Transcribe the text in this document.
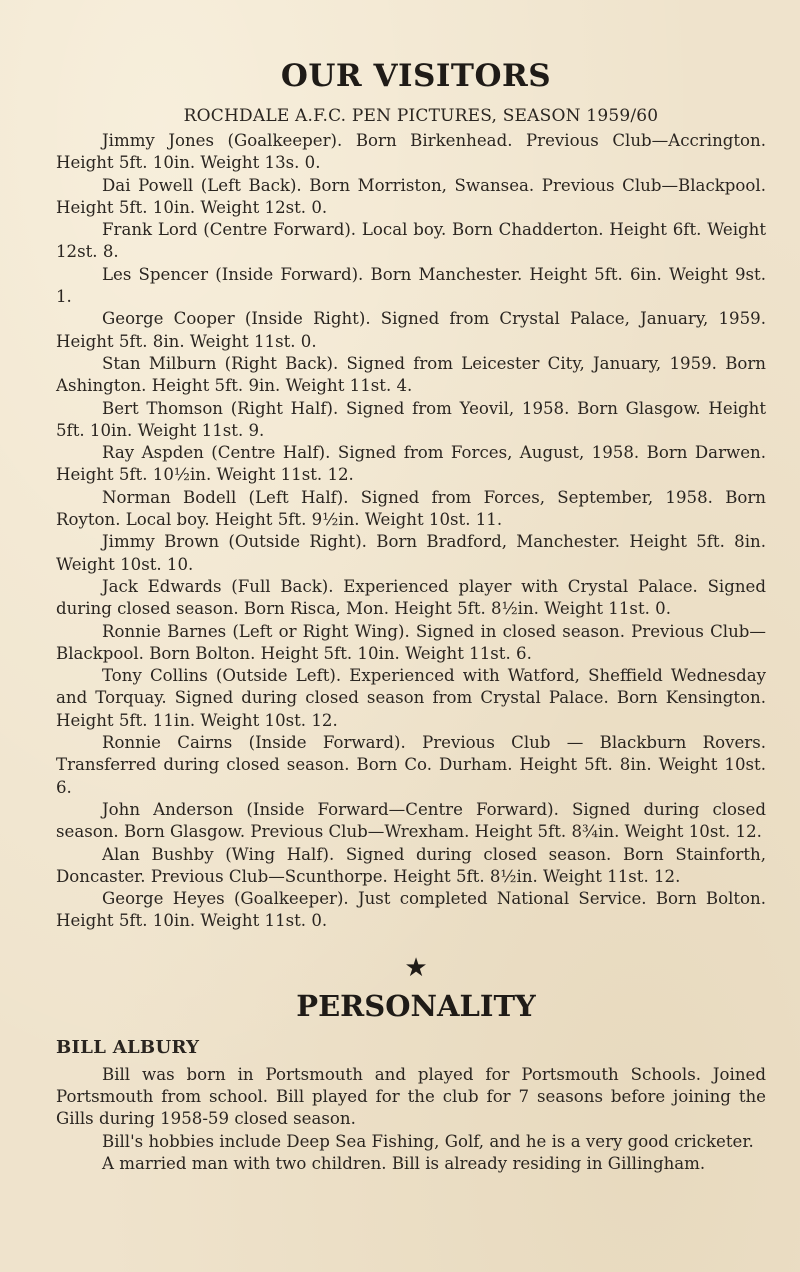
OUR VISITORS
ROCHDALE A.F.C. PEN PICTURES, SEASON 1959/60

Jimmy Jones (Goalkeeper). Born Birkenhead. Previous Club—Accrington. Height 5ft. 10in. Weight 13s. 0.

Dai Powell (Left Back). Born Morriston, Swansea. Previous Club—Blackpool. Height 5ft. 10in. Weight 12st. 0.

Frank Lord (Centre Forward). Local boy. Born Chadderton. Height 6ft. Weight 12st. 8.

Les Spencer (Inside Forward). Born Manchester. Height 5ft. 6in. Weight 9st. 1.

George Cooper (Inside Right). Signed from Crystal Palace, January, 1959. Height 5ft. 8in. Weight 11st. 0.

Stan Milburn (Right Back). Signed from Leicester City, January, 1959. Born Ashington. Height 5ft. 9in. Weight 11st. 4.

Bert Thomson (Right Half). Signed from Yeovil, 1958. Born Glasgow. Height 5ft. 10in. Weight 11st. 9.

Ray Aspden (Centre Half). Signed from Forces, August, 1958. Born Darwen. Height 5ft. 10½in. Weight 11st. 12.

Norman Bodell (Left Half). Signed from Forces, September, 1958. Born Royton. Local boy. Height 5ft. 9½in. Weight 10st. 11.

Jimmy Brown (Outside Right). Born Bradford, Manchester. Height 5ft. 8in. Weight 10st. 10.

Jack Edwards (Full Back). Experienced player with Crystal Palace. Signed during closed season. Born Risca, Mon. Height 5ft. 8½in. Weight 11st. 0.

Ronnie Barnes (Left or Right Wing). Signed in closed season. Previous Club—Blackpool. Born Bolton. Height 5ft. 10in. Weight 11st. 6.

Tony Collins (Outside Left). Experienced with Watford, Sheffield Wednesday and Torquay. Signed during closed season from Crystal Palace. Born Kensington. Height 5ft. 11in. Weight 10st. 12.

Ronnie Cairns (Inside Forward). Previous Club — Blackburn Rovers. Transferred during closed season. Born Co. Durham. Height 5ft. 8in. Weight 10st. 6.

John Anderson (Inside Forward—Centre Forward). Signed during closed season. Born Glasgow. Previous Club—Wrexham. Height 5ft. 8¾in. Weight 10st. 12.

Alan Bushby (Wing Half). Signed during closed season. Born Stainforth, Doncaster. Previous Club—Scunthorpe. Height 5ft. 8½in. Weight 11st. 12.

George Heyes (Goalkeeper). Just completed National Service. Born Bolton. Height 5ft. 10in. Weight 11st. 0.

★
PERSONALITY
BILL ALBURY

Bill was born in Portsmouth and played for Portsmouth Schools. Joined Portsmouth from school. Bill played for the club for 7 seasons before joining the Gills during 1958-59 closed season.

Bill's hobbies include Deep Sea Fishing, Golf, and he is a very good cricketer.

A married man with two children. Bill is already residing in Gillingham.
